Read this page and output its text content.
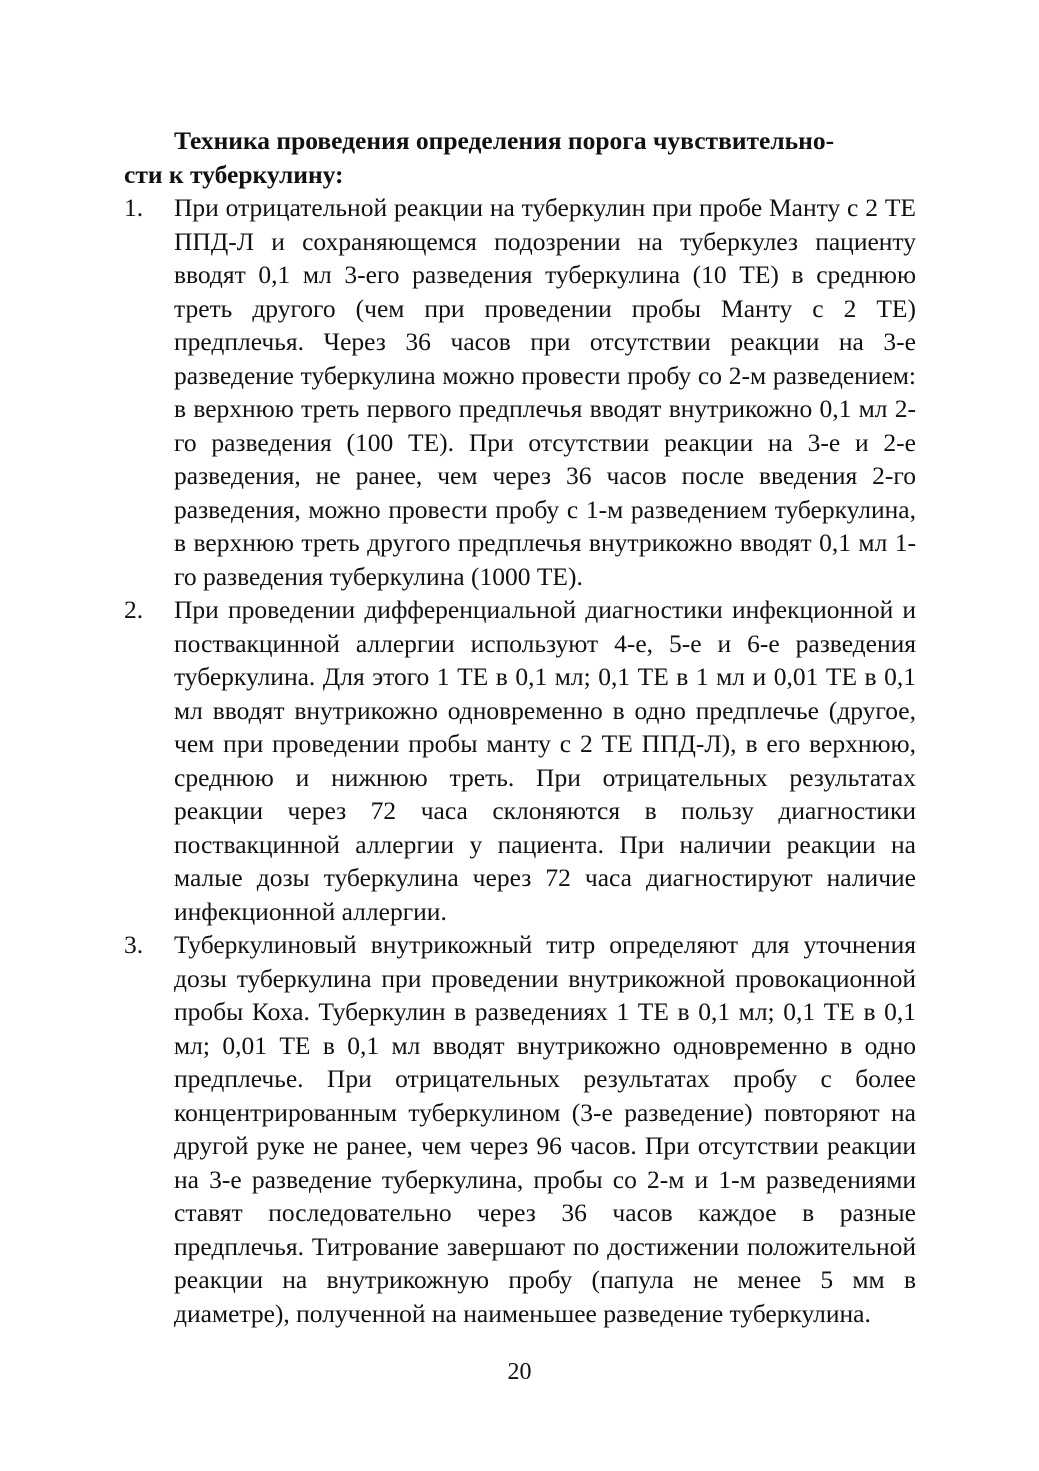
Техника проведения определения порога чувствительно-

сти к туберкулину:

1. При отрицательной реакции на туберкулин при пробе Манту с 2 ТЕ ППД-Л и сохраняющемся подозрении на туберкулез пациенту вводят 0,1 мл 3-его разведения туберкулина (10 ТЕ) в среднюю треть другого (чем при проведении пробы Манту с 2 ТЕ) предплечья. Через 36 часов при отсутствии реакции на 3-е разведение туберкулина можно провести пробу со 2-м разведением: в верхнюю треть первого предплечья вводят внутрикожно 0,1 мл 2-го разведения (100 ТЕ). При отсутствии реакции на 3-е и 2-е разведения, не ранее, чем через 36 часов после введения 2-го разведения, можно провести пробу с 1-м разведением туберкулина, в верхнюю треть другого предплечья внутрикожно вводят 0,1 мл 1-го разведения туберкулина (1000 ТЕ).

2. При проведении дифференциальной диагностики инфекционной и поствакцинной аллергии используют 4-е, 5-е и 6-е разведения туберкулина. Для этого 1 ТЕ в 0,1 мл; 0,1 ТЕ в 1 мл и 0,01 ТЕ в 0,1 мл вводят внутрикожно одновременно в одно предплечье (другое, чем при проведении пробы манту с 2 ТЕ ППД-Л), в его верхнюю, среднюю и нижнюю треть. При отрицательных результатах реакции через 72 часа склоняются в пользу диагностики поствакцинной аллергии у пациента. При наличии реакции на малые дозы туберкулина через 72 часа диагностируют наличие инфекционной аллергии.

3. Туберкулиновый внутрикожный титр определяют для уточнения дозы туберкулина при проведении внутрикожной провокационной пробы Коха. Туберкулин в разведениях 1 ТЕ в 0,1 мл; 0,1 ТЕ в 0,1 мл; 0,01 ТЕ в 0,1 мл вводят внутрикожно одновременно в одно предплечье. При отрицательных результатах пробу с более концентрированным туберкулином (3-е разведение) повторяют на другой руке не ранее, чем через 96 часов. При отсутствии реакции на 3-е разведение туберкулина, пробы со 2-м и 1-м разведениями ставят последовательно через 36 часов каждое в разные предплечья. Титрование завершают по достижении положительной реакции на внутрикожную пробу (папула не менее 5 мм в диаметре), полученной на наименьшее разведение туберкулина.

20
